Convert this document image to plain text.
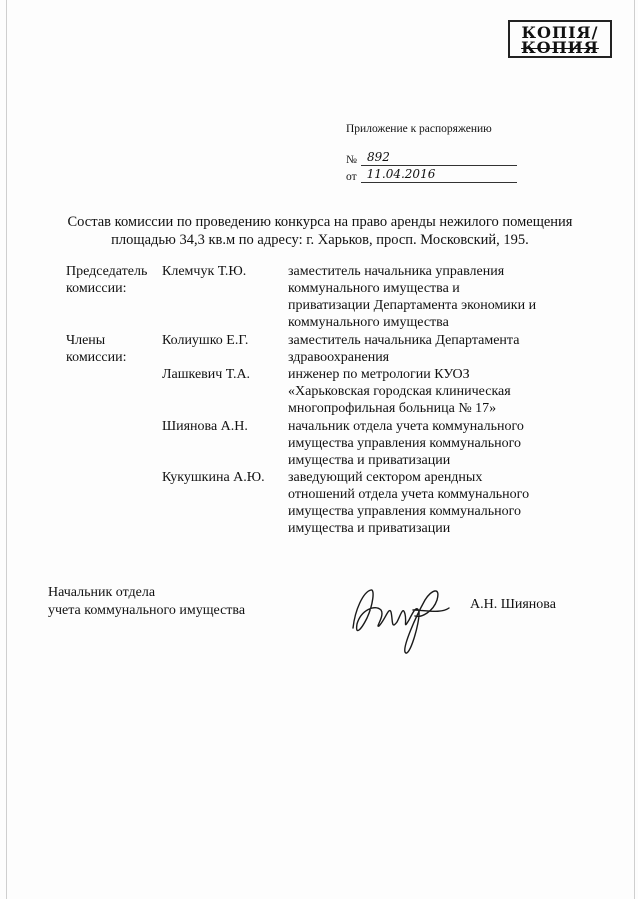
КОПІЯ/
КОПИЯ
Приложение к распоряжению
№ 892
от 11.04.2016
Состав комиссии по проведению конкурса на право аренды нежилого помещения
площадью 34,3 кв.м по адресу: г. Харьков, просп. Московский, 195.
Председатель
комиссии:
Клемчук Т.Ю.	заместитель начальника управления
коммунального имущества и
приватизации Департамента экономики и
коммунального имущества
Члены
комиссии:
Колиушко Е.Г.	заместитель начальника Департамента
здравоохранения
Лашкевич Т.А.	инженер по метрологии КУОЗ
«Харьковская городская клиническая
многопрофильная больница № 17»
Шиянова А.Н.	начальник отдела учета коммунального
имущества управления коммунального
имущества и приватизации
Кукушкина А.Ю.	заведующий сектором арендных
отношений отдела учета коммунального
имущества управления коммунального
имущества и приватизации
Начальник отдела
учета коммунального имущества	А.Н. Шиянова
